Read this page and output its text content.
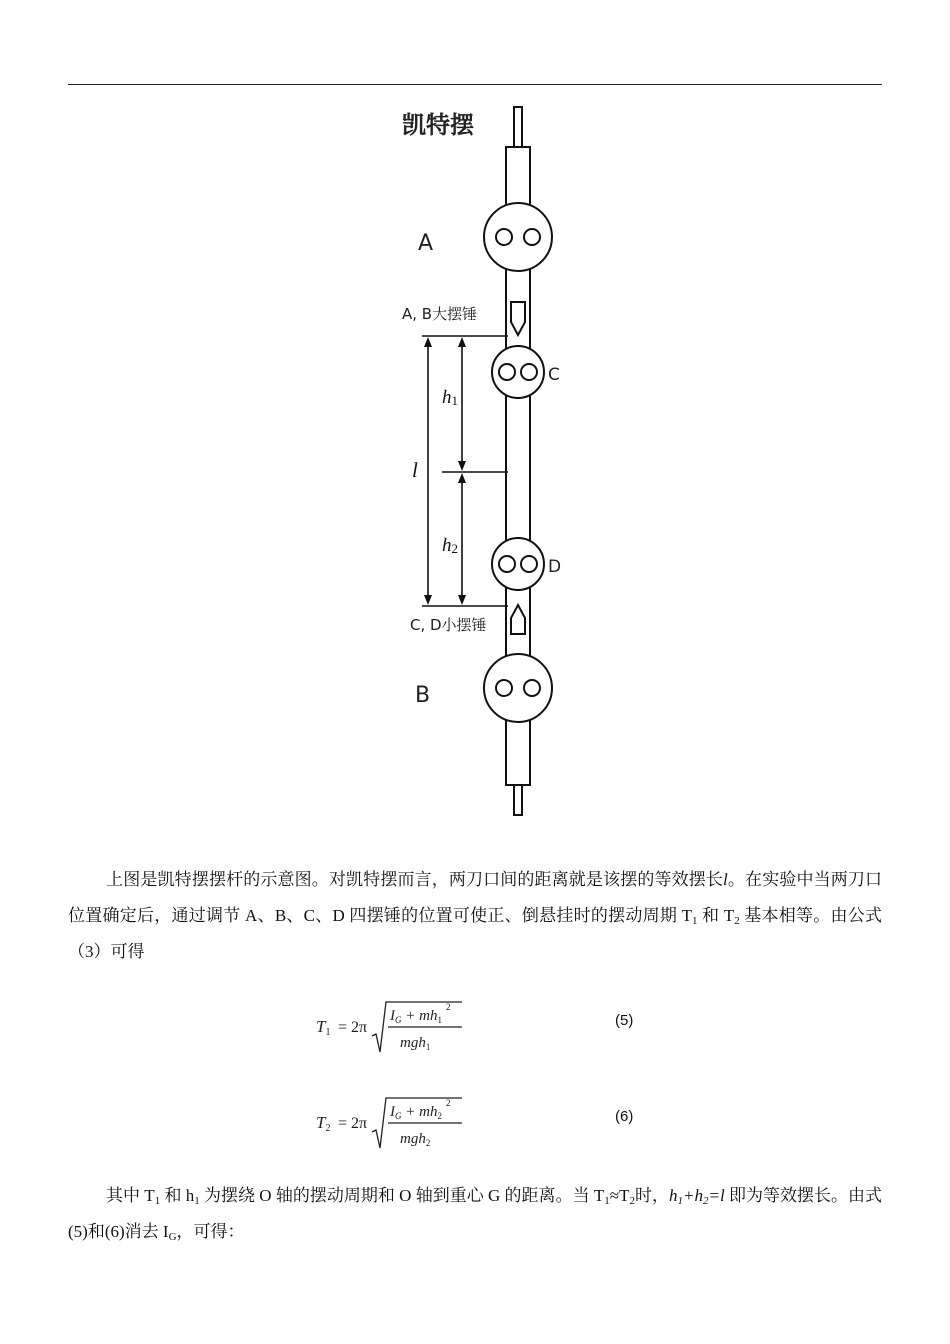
凯特摆
A
B
C
D
A, B大摆锤
C, D小摆锤
h1
h2
l
上图是凯特摆摆杆的示意图。对凯特摆而言，两刀口间的距离就是该摆的等效摆长l。在实验中当两刀口位置确定后，通过调节 A、B、C、D 四摆锤的位置可使正、倒悬挂时的摆动周期 $T_1$ 和 $T_2$ 基本相等。由公式（3）可得
T1 = 2π
$I_G + mh_1$
2
mgh$_1$
(5)
T2 = 2π
$I_G + mh_2$
2
mgh$_2$
(6)
其中 $T_1$ 和 $h_1$ 为摆绕 O 轴的摆动周期和 O 轴到重心 G 的距离。当 $T_1\approx T_2$时，$h_1+h_2=l$ 即为等效摆长。由式(5)和(6)消去 $I_G$，可得：
